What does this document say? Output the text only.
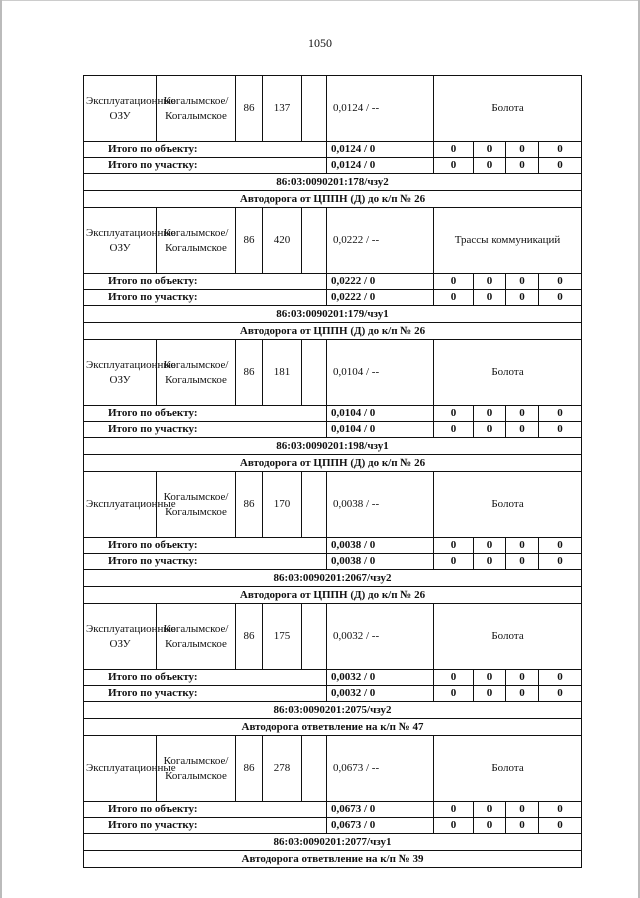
1050
Эксплуатационные ОЗУ	Когалымское/ Когалымское	86	137		0,0124 / --	Болота			
Итого по объекту:					0,0124 / 0	0	0	0	0
Итого по участку:					0,0124 / 0	0	0	0	0
86:03:0090201:178/чзу2									
Автодорога от ЦППН (Д) до к/п № 26									
Эксплуатационные ОЗУ	Когалымское/ Когалымское	86	420		0,0222 / --	Трассы коммуникаций			
Итого по объекту:					0,0222 / 0	0	0	0	0
Итого по участку:					0,0222 / 0	0	0	0	0
86:03:0090201:179/чзу1									
Автодорога от ЦППН (Д) до к/п № 26									
Эксплуатационные ОЗУ	Когалымское/ Когалымское	86	181		0,0104 / --	Болота			
Итого по объекту:					0,0104 / 0	0	0	0	0
Итого по участку:					0,0104 / 0	0	0	0	0
86:03:0090201:198/чзу1									
Автодорога от ЦППН (Д) до к/п № 26									
Эксплуатационные	Когалымское/ Когалымское	86	170		0,0038 / --	Болота			
Итого по объекту:					0,0038 / 0	0	0	0	0
Итого по участку:					0,0038 / 0	0	0	0	0
86:03:0090201:2067/чзу2									
Автодорога от ЦППН (Д) до к/п № 26									
Эксплуатационные ОЗУ	Когалымское/ Когалымское	86	175		0,0032 / --	Болота			
Итого по объекту:					0,0032 / 0	0	0	0	0
Итого по участку:					0,0032 / 0	0	0	0	0
86:03:0090201:2075/чзу2									
Автодорога ответвление на к/п № 47									
Эксплуатационные	Когалымское/ Когалымское	86	278		0,0673 / --	Болота			
Итого по объекту:					0,0673 / 0	0	0	0	0
Итого по участку:					0,0673 / 0	0	0	0	0
86:03:0090201:2077/чзу1									
Автодорога ответвление на к/п № 39									
